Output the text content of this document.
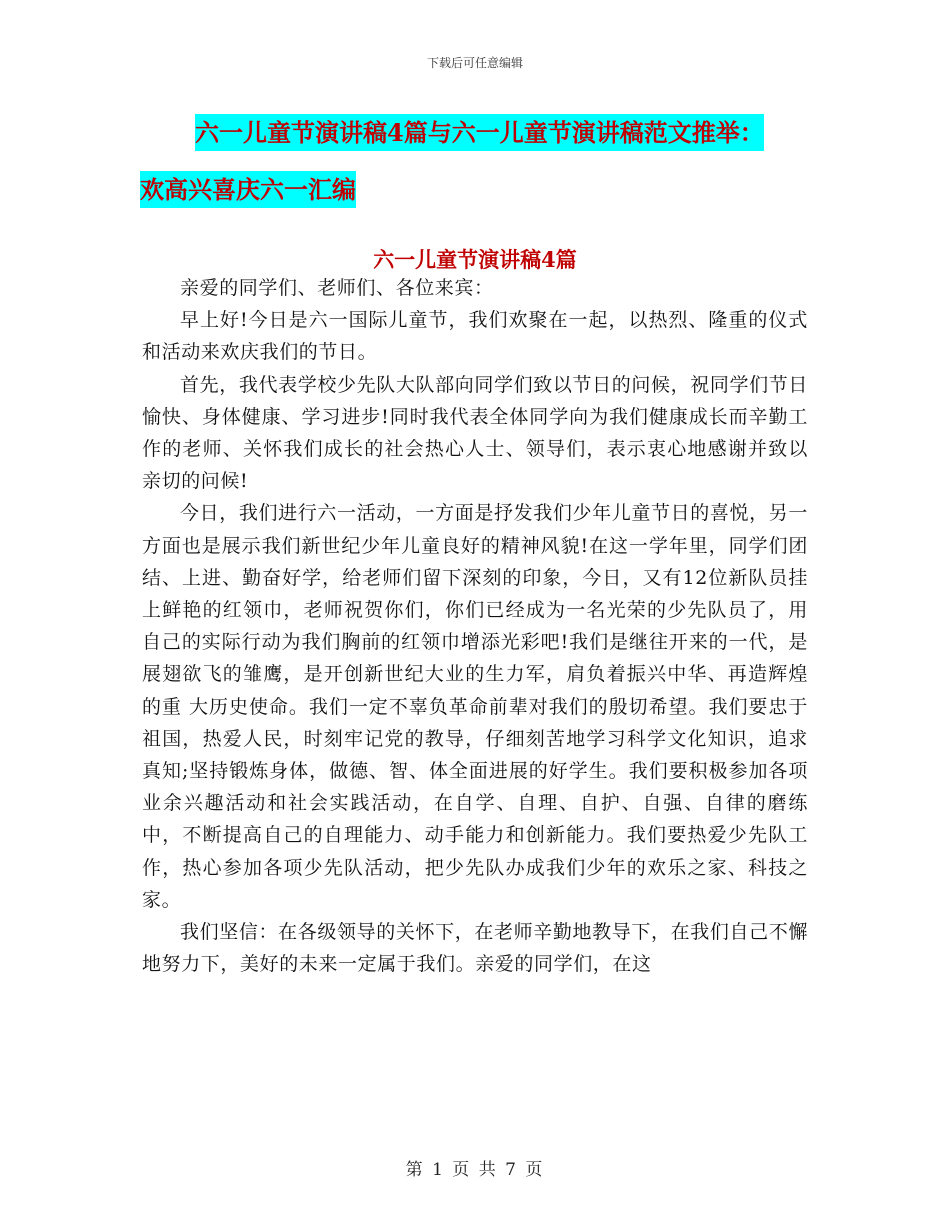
下载后可任意编辑
六一儿童节演讲稿4篇与六一儿童节演讲稿范文推举：
欢高兴喜庆六一汇编
六一儿童节演讲稿4篇

亲爱的同学们、老师们、各位来宾：

早上好!今日是六一国际儿童节，我们欢聚在一起，以热烈、隆重的仪式和活动来欢庆我们的节日。

首先，我代表学校少先队大队部向同学们致以节日的问候，祝同学们节日愉快、身体健康、学习进步!同时我代表全体同学向为我们健康成长而辛勤工作的老师、关怀我们成长的社会热心人士、领导们，表示衷心地感谢并致以亲切的问候!

今日，我们进行六一活动，一方面是抒发我们少年儿童节日的喜悦，另一方面也是展示我们新世纪少年儿童良好的精神风貌!在这一学年里，同学们团结、上进、勤奋好学，给老师们留下深刻的印象，今日，又有12位新队员挂上鲜艳的红领巾，老师祝贺你们，你们已经成为一名光荣的少先队员了，用自己的实际行动为我们胸前的红领巾增添光彩吧!我们是继往开来的一代，是展翅欲飞的雏鹰，是开创新世纪大业的生力军，肩负着振兴中华、再造辉煌的重 大历史使命。我们一定不辜负革命前辈对我们的殷切希望。我们要忠于祖国，热爱人民，时刻牢记党的教导，仔细刻苦地学习科学文化知识，追求真知;坚持锻炼身体，做德、智、体全面进展的好学生。我们要积极参加各项业余兴趣活动和社会实践活动，在自学、自理、自护、自强、自律的磨练中，不断提高自己的自理能力、动手能力和创新能力。我们要热爱少先队工作，热心参加各项少先队活动，把少先队办成我们少年的欢乐之家、科技之家。

我们坚信：在各级领导的关怀下，在老师辛勤地教导下，在我们自己不懈地努力下，美好的未来一定属于我们。亲爱的同学们，在这

第 1 页 共 7 页
